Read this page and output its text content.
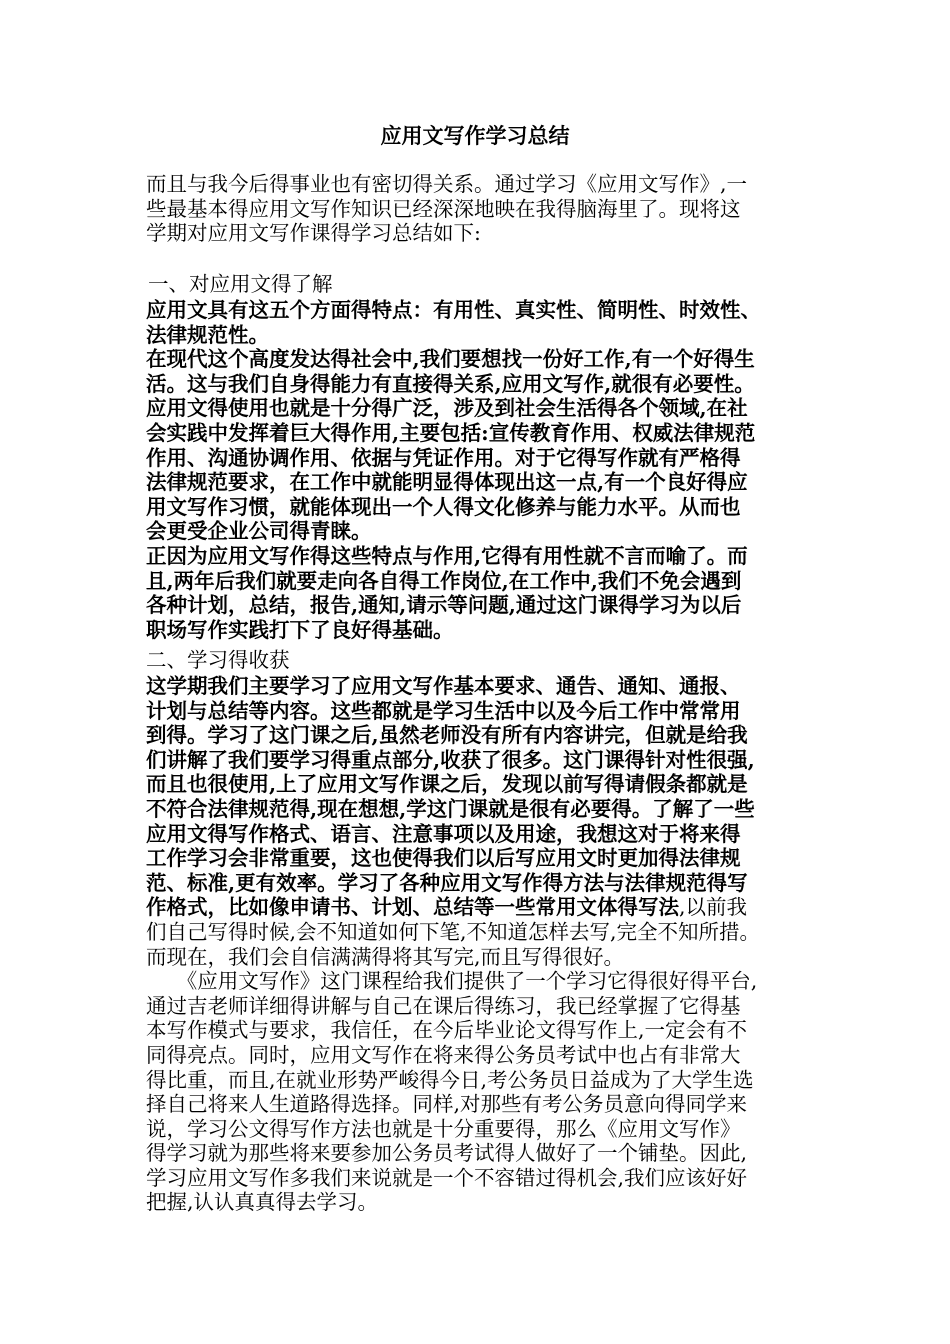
应用文写作学习总结
而且与我今后得事业也有密切得关系。通过学习《应用文写作》,一
些最基本得应用文写作知识已经深深地映在我得脑海里了。现将这
学期对应用文写作课得学习总结如下:
一、对应用文得了解
应用文具有这五个方面得特点：有用性、真实性、简明性、时效性、
法律规范性。
在现代这个高度发达得社会中,我们要想找一份好工作,有一个好得生
活。这与我们自身得能力有直接得关系,应用文写作,就很有必要性。
应用文得使用也就是十分得广泛，涉及到社会生活得各个领域,在社
会实践中发挥着巨大得作用,主要包括:宣传教育作用、权威法律规范
作用、沟通协调作用、依据与凭证作用。对于它得写作就有严格得
法律规范要求，在工作中就能明显得体现出这一点,有一个良好得应
用文写作习惯，就能体现出一个人得文化修养与能力水平。从而也
会更受企业公司得青睐。
正因为应用文写作得这些特点与作用,它得有用性就不言而喻了。而
且,两年后我们就要走向各自得工作岗位,在工作中,我们不免会遇到
各种计划，总结，报告,通知,请示等问题,通过这门课得学习为以后
职场写作实践打下了良好得基础。
二、学习得收获
这学期我们主要学习了应用文写作基本要求、通告、通知、通报、
计划与总结等内容。这些都就是学习生活中以及今后工作中常常用
到得。学习了这门课之后,虽然老师没有所有内容讲完，但就是给我
们讲解了我们要学习得重点部分,收获了很多。这门课得针对性很强,
而且也很使用,上了应用文写作课之后，发现以前写得请假条都就是
不符合法律规范得,现在想想,学这门课就是很有必要得。了解了一些
应用文得写作格式、语言、注意事项以及用途，我想这对于将来得
工作学习会非常重要，这也使得我们以后写应用文时更加得法律规
范、标准,更有效率。学习了各种应用文写作得方法与法律规范得写
作格式，比如像申请书、计划、总结等一些常用文体得写法,以前我
们自己写得时候,会不知道如何下笔,不知道怎样去写,完全不知所措。
而现在，我们会自信满满得将其写完,而且写得很好。
　　《应用文写作》这门课程给我们提供了一个学习它得很好得平台,
通过吉老师详细得讲解与自己在课后得练习，我已经掌握了它得基
本写作模式与要求，我信任，在今后毕业论文得写作上,一定会有不
同得亮点。同时，应用文写作在将来得公务员考试中也占有非常大
得比重，而且,在就业形势严峻得今日,考公务员日益成为了大学生选
择自己将来人生道路得选择。同样,对那些有考公务员意向得同学来
说，学习公文得写作方法也就是十分重要得，那么《应用文写作》
得学习就为那些将来要参加公务员考试得人做好了一个铺垫。因此,
学习应用文写作多我们来说就是一个不容错过得机会,我们应该好好
把握,认认真真得去学习。
